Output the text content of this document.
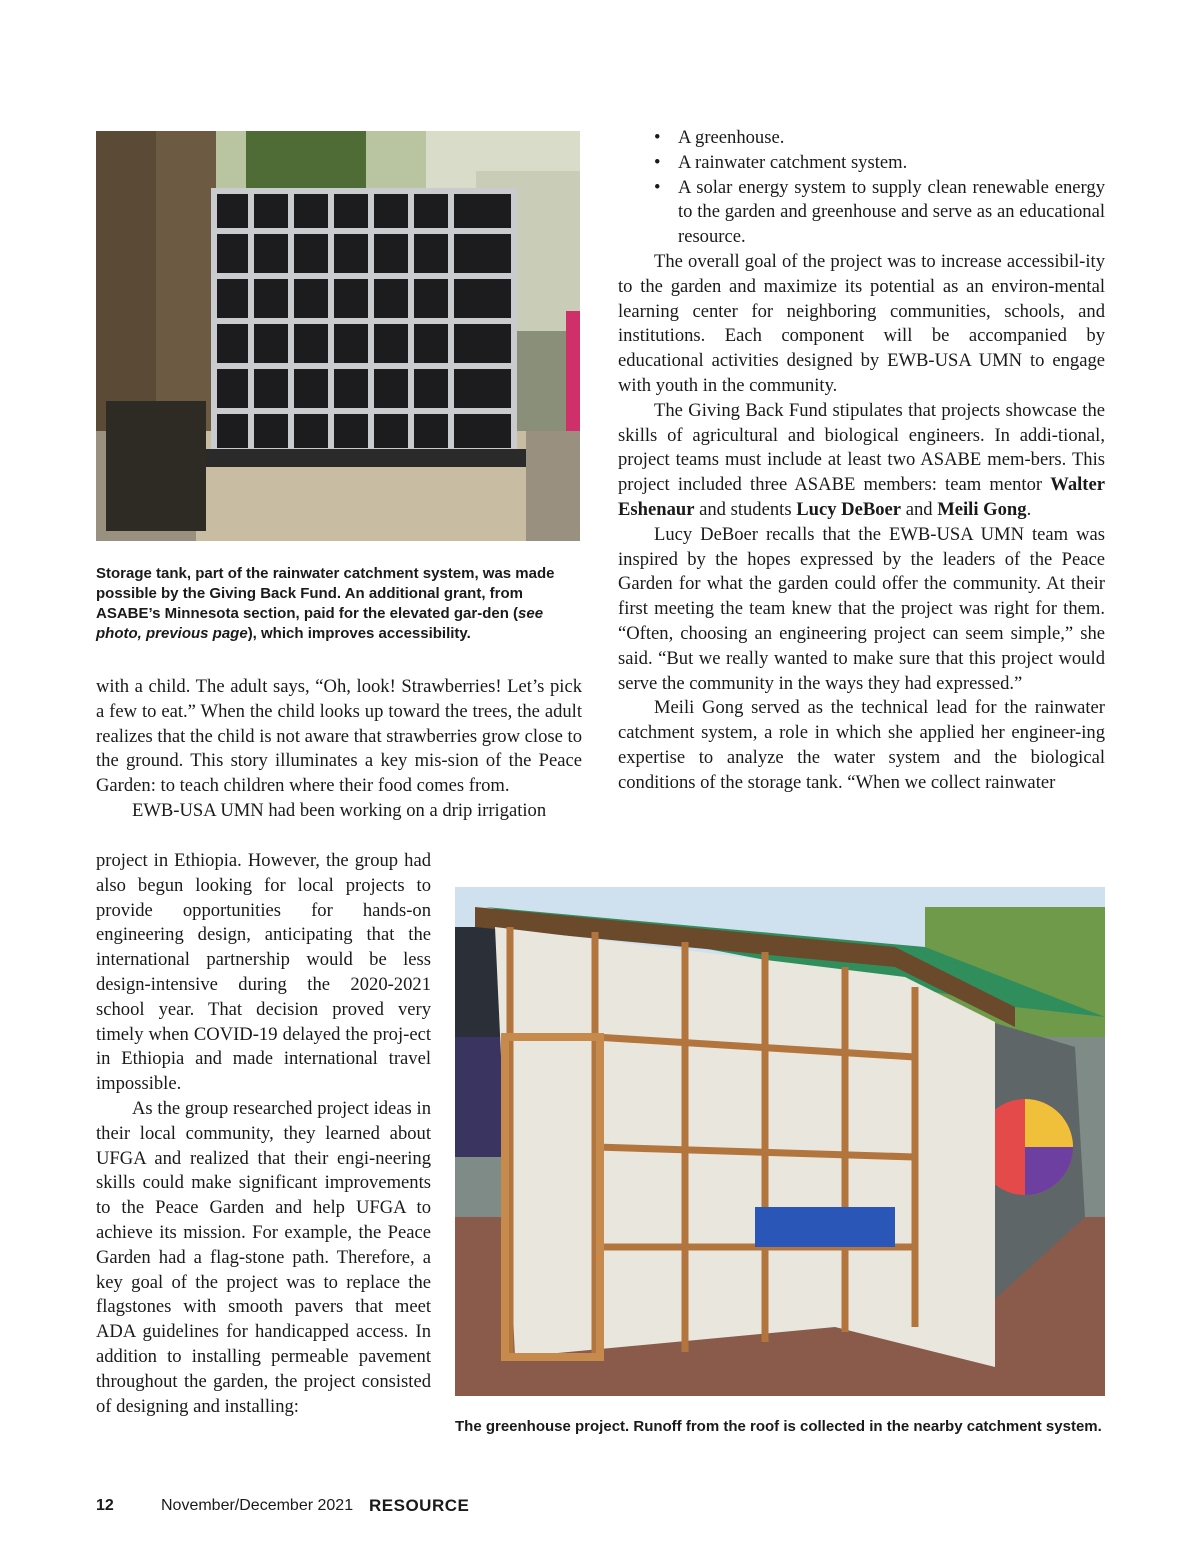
Storage tank, part of the rainwater catchment system, was made possible by the Giving Back Fund. An additional grant, from ASABE’s Minnesota section, paid for the elevated gar-den (see photo, previous page), which improves accessibility.

with a child. The adult says, “Oh, look! Strawberries! Let’s pick a few to eat.” When the child looks up toward the trees, the adult realizes that the child is not aware that strawberries grow close to the ground. This story illuminates a key mis-sion of the Peace Garden: to teach children where their food comes from.

EWB-USA UMN had been working on a drip irrigation

project in Ethiopia. However, the group had also begun looking for local projects to provide opportunities for hands-on engineering design, anticipating that the international partnership would be less design-intensive during the 2020-2021 school year. That decision proved very timely when COVID-19 delayed the proj-ect in Ethiopia and made international travel impossible.

As the group researched project ideas in their local community, they learned about UFGA and realized that their engi-neering skills could make significant improvements to the Peace Garden and help UFGA to achieve its mission. For example, the Peace Garden had a flag-stone path. Therefore, a key goal of the project was to replace the flagstones with smooth pavers that meet ADA guidelines for handicapped access. In addition to installing permeable pavement throughout the garden, the project consisted of designing and installing:

• A greenhouse.
• A rainwater catchment system.
• A solar energy system to supply clean renewable energy to the garden and greenhouse and serve as an educational resource.

The overall goal of the project was to increase accessibil-ity to the garden and maximize its potential as an environ-mental learning center for neighboring communities, schools, and institutions. Each component will be accompanied by educational activities designed by EWB-USA UMN to engage with youth in the community.

The Giving Back Fund stipulates that projects showcase the skills of agricultural and biological engineers. In addi-tional, project teams must include at least two ASABE mem-bers. This project included three ASABE members: team mentor Walter Eshenaur and students Lucy DeBoer and Meili Gong.

Lucy DeBoer recalls that the EWB-USA UMN team was inspired by the hopes expressed by the leaders of the Peace Garden for what the garden could offer the community. At their first meeting the team knew that the project was right for them. “Often, choosing an engineering project can seem simple,” she said. “But we really wanted to make sure that this project would serve the community in the ways they had expressed.”

Meili Gong served as the technical lead for the rainwater catchment system, a role in which she applied her engineer-ing expertise to analyze the water system and the biological conditions of the storage tank. “When we collect rainwater

The greenhouse project. Runoff from the roof is collected in the nearby catchment system.
12	November/December 2021 RESOURCE
